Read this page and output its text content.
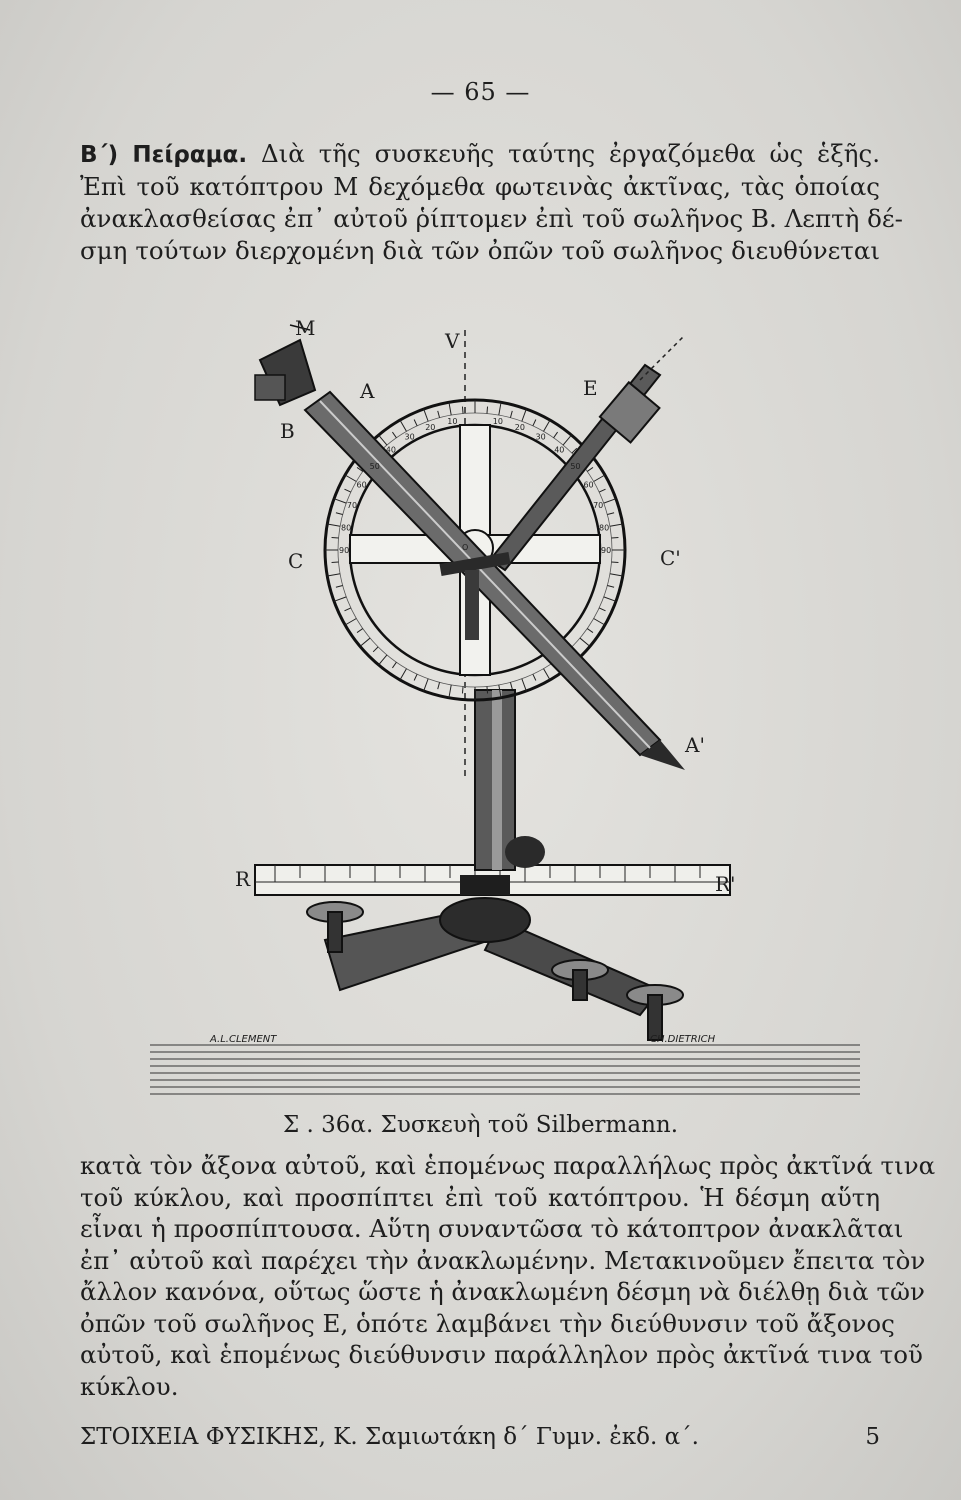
— 65 —
Β΄) Πείραμα. Διὰ τῆς συσκευῆς ταύτης ἐργαζόμεθα ὡς ἑξῆς.
Ἐπὶ τοῦ κατόπτρου Μ δεχόμεθα φωτεινὰς ἀκτῖνας, τὰς ὁποίας
ἀνακλασθείσας ἐπ᾽ αὐτοῦ ῥίπτομεν ἐπὶ τοῦ σωλῆνος Β. Λεπτὴ δέ-
σμη τούτων διερχομένη διὰ τῶν ὀπῶν τοῦ σωλῆνος διευθύνεται
M
V
A	E
B
C	C'
A'
R	R'
O
10
20
30
40
50
60
70
80
90
10
20
30
40
50
60
70
80
90
A.L.CLEMENT	CH.DIETRICH
Σ . 36α. Συσκευὴ τοῦ Silbermann.
κατὰ τὸν ἄξονα αὐτοῦ, καὶ ἑπομένως παραλλήλως πρὸς ἀκτῖνά τινα
τοῦ κύκλου, καὶ προσπίπτει ἐπὶ τοῦ κατόπτρου. Ἡ δέσμη αὕτη
εἶναι ἡ προσπίπτουσα. Αὕτη συναντῶσα τὸ κάτοπτρον ἀνακλᾶται
ἐπ᾽ αὐτοῦ καὶ παρέχει τὴν ἀνακλωμένην. Μετακινοῦμεν ἔπειτα τὸν
ἄλλον κανόνα, οὕτως ὥστε ἡ ἀνακλωμένη δέσμη νὰ διέλθῃ διὰ τῶν
ὀπῶν τοῦ σωλῆνος Ε, ὁπότε λαμβάνει τὴν διεύθυνσιν τοῦ ἄξονος
αὐτοῦ, καὶ ἑπομένως διεύθυνσιν παράλληλον πρὸς ἀκτῖνά τινα τοῦ
κύκλου.
ΣΤΟΙΧΕΙΑ ΦΥΣΙΚΗΣ, Κ. Σαμιωτάκη δ΄ Γυμν. ἐκδ. α΄.	5
